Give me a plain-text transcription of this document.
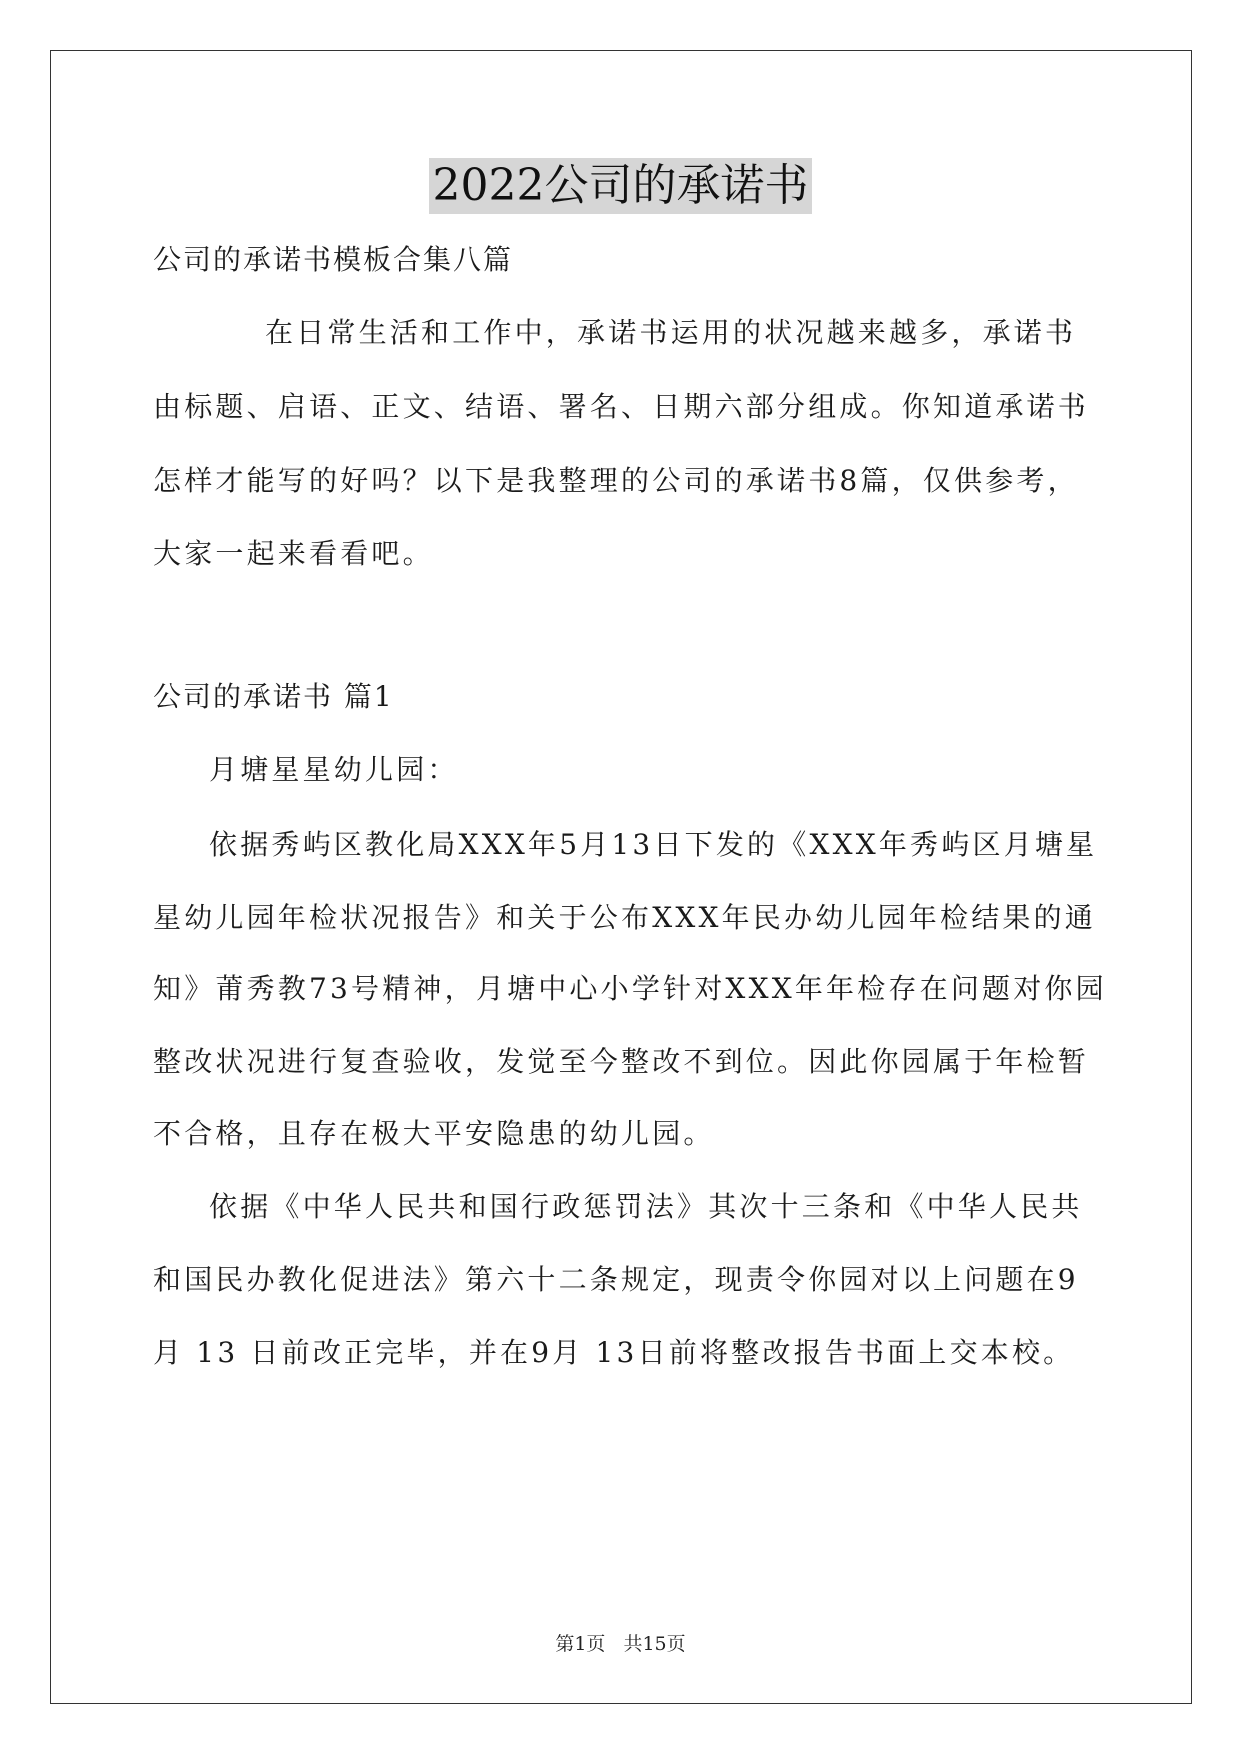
2022公司的承诺书
公司的承诺书模板合集八篇
在日常生活和工作中，承诺书运用的状况越来越多，承诺书
由标题、启语、正文、结语、署名、日期六部分组成。你知道承诺书
怎样才能写的好吗？以下是我整理的公司的承诺书8篇，仅供参考，
大家一起来看看吧。
公司的承诺书 篇1
月塘星星幼儿园：
依据秀屿区教化局XXX年5月13日下发的《XXX年秀屿区月塘星
星幼儿园年检状况报告》和关于公布XXX年民办幼儿园年检结果的通
知》莆秀教73号精神，月塘中心小学针对XXX年年检存在问题对你园
整改状况进行复查验收，发觉至今整改不到位。因此你园属于年检暂
不合格，且存在极大平安隐患的幼儿园。
依据《中华人民共和国行政惩罚法》其次十三条和《中华人民共
和国民办教化促进法》第六十二条规定，现责令你园对以上问题在9
月 13 日前改正完毕，并在9月 13日前将整改报告书面上交本校。
第1页 共15页
